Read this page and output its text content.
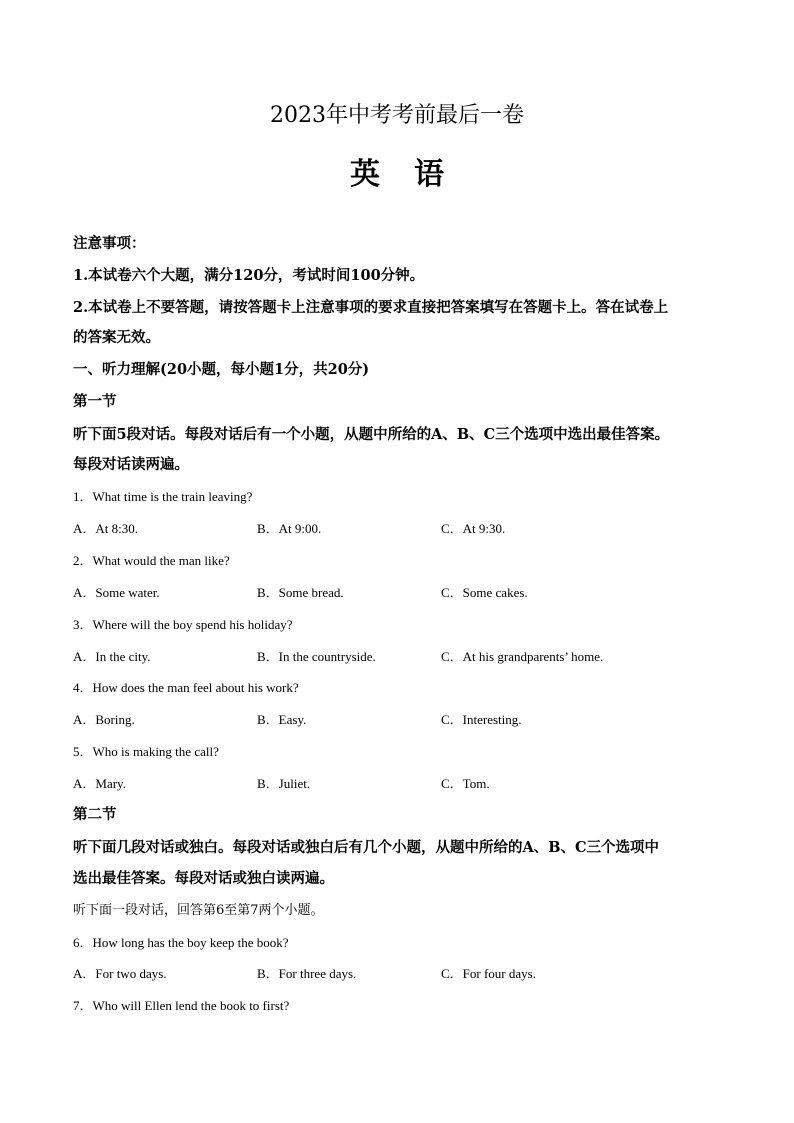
2023年中考考前最后一卷
英语
注意事项：
1.本试卷六个大题，满分120分，考试时间100分钟。
2.本试卷上不要答题，请按答题卡上注意事项的要求直接把答案填写在答题卡上。答在试卷上
的答案无效。
一、听力理解(20小题，每小题1分，共20分)
第一节
听下面5段对话。每段对话后有一个小题，从题中所给的A、B、C三个选项中选出最佳答案。
每段对话读两遍。
1．What time is the train leaving?
A．At 8:30.	B．At 9:00.	C．At 9:30.
2．What would the man like?
A．Some water.	B．Some bread.	C．Some cakes.
3．Where will the boy spend his holiday?
A．In the city.	B．In the countryside.	C．At his grandparents’ home.
4．How does the man feel about his work?
A．Boring.	B．Easy.	C．Interesting.
5．Who is making the call?
A．Mary.	B．Juliet.	C．Tom.
第二节
听下面几段对话或独白。每段对话或独白后有几个小题，从题中所给的A、B、C三个选项中
选出最佳答案。每段对话或独白读两遍。
听下面一段对话，回答第6至第7两个小题。
6．How long has the boy keep the book?
A．For two days.	B．For three days.	C．For four days.
7．Who will Ellen lend the book to first?
